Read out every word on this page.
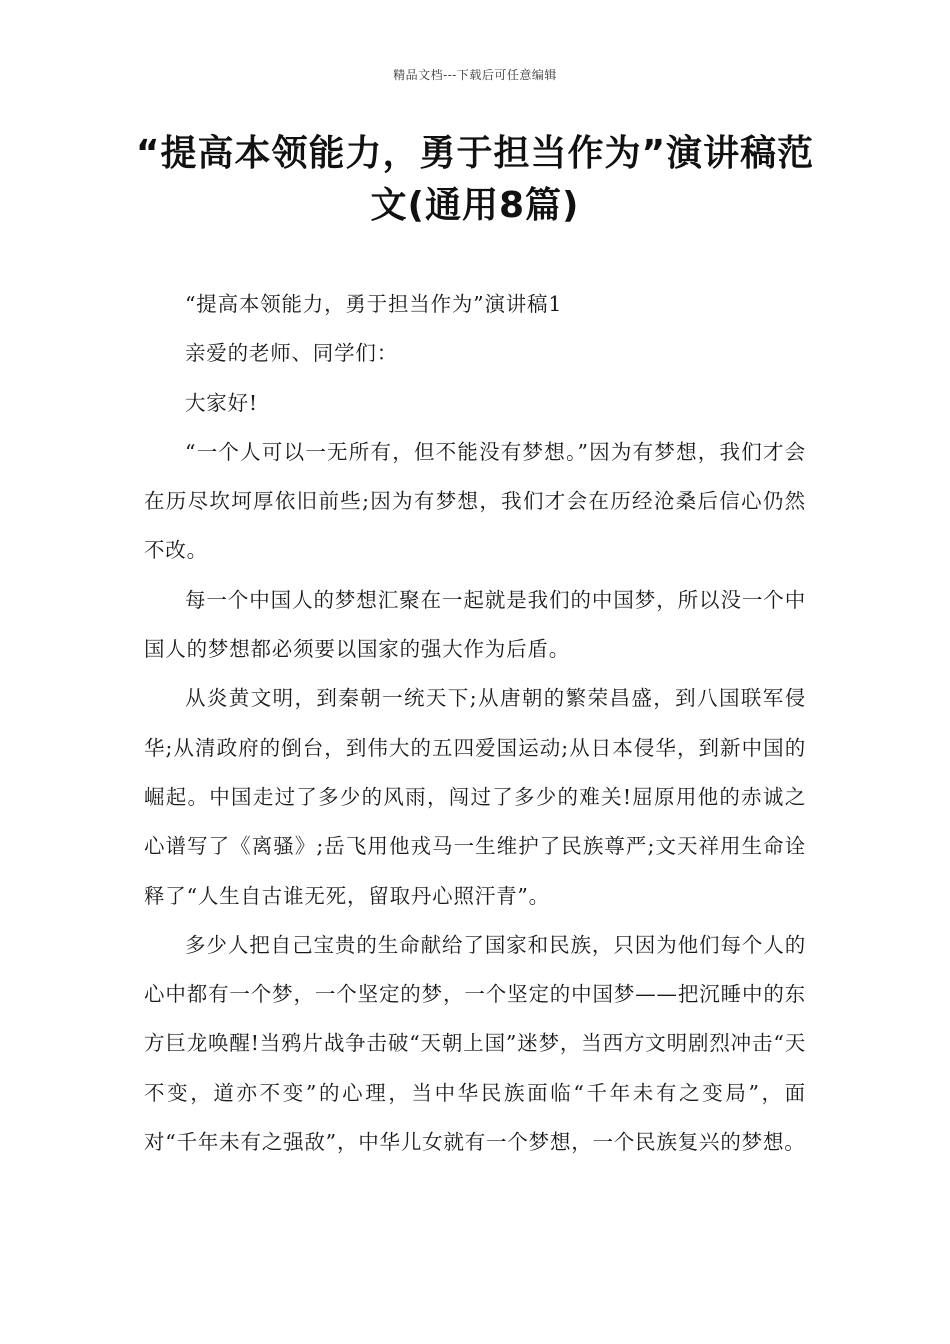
精品文档---下载后可任意编辑
“提高本领能力，勇于担当作为”演讲稿范文(通用8篇)

“提高本领能力，勇于担当作为”演讲稿1

亲爱的老师、同学们：

大家好!

“一个人可以一无所有，但不能没有梦想。”因为有梦想，我们才会在历尽坎坷厚依旧前些;因为有梦想，我们才会在历经沧桑后信心仍然不改。

每一个中国人的梦想汇聚在一起就是我们的中国梦，所以没一个中国人的梦想都必须要以国家的强大作为后盾。

从炎黄文明，到秦朝一统天下;从唐朝的繁荣昌盛，到八国联军侵华;从清政府的倒台，到伟大的五四爱国运动;从日本侵华，到新中国的崛起。中国走过了多少的风雨，闯过了多少的难关!屈原用他的赤诚之心谱写了《离骚》;岳飞用他戎马一生维护了民族尊严;文天祥用生命诠释了“人生自古谁无死，留取丹心照汗青”。

多少人把自己宝贵的生命献给了国家和民族，只因为他们每个人的心中都有一个梦，一个坚定的梦，一个坚定的中国梦——把沉睡中的东方巨龙唤醒!当鸦片战争击破“天朝上国”迷梦，当西方文明剧烈冲击“天不变，道亦不变”的心理，当中华民族面临“千年未有之变局”，面对“千年未有之强敌”，中华儿女就有一个梦想，一个民族复兴的梦想。
